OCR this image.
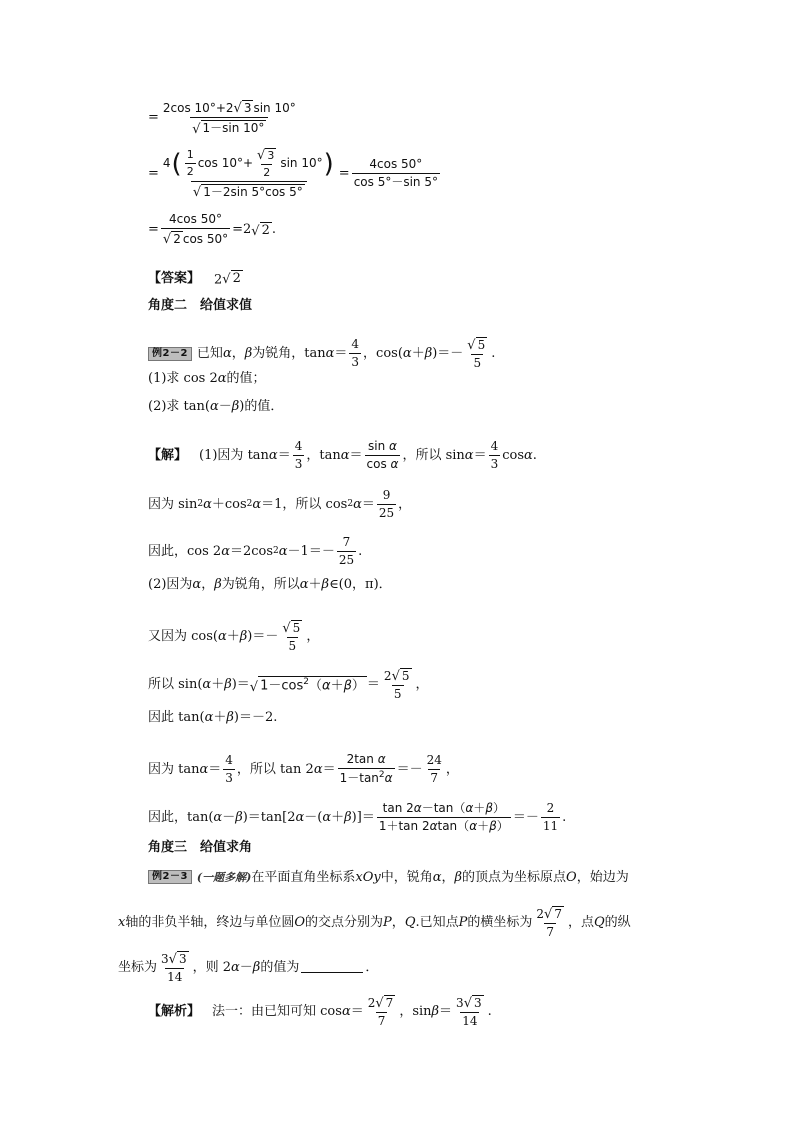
= $\frac{2\cos 10^\circ+2 √ 3 \sin 10^\circ}{√ 1-\sin 10^\circ}$
= $\frac{4 ( \frac{1}{2} \cos 10^\circ+ \frac{√ 3}{2} \sin 10^\circ )}{√ 1-2\sin 5^\circ\cos 5^\circ} = \frac{4\cos 50^\circ}{\cos 5^\circ-\sin 5^\circ}$
= $\frac{4\cos 50^\circ}{√ 2 \cos 50^\circ} =2$ √ 2 .
【答案】 2 √ 2
角度二　给值求值
例2－2 已知 α ， β 为锐角，$\tan \alpha = \frac{4}{3}$ ，cos( α ＋ β )＝－ $\frac{√ 5}{5}$ .
(1)求 cos 2 α 的值；
(2)求 tan( α － β )的值．
【解】 (1)因为 $\tan \alpha = \frac{4}{3}$ ，$\tan \alpha = \frac{\text{sin α}}{\text{cos α}}$ ，所以 $\sin \alpha = \frac{4}{3}$ cos α .
因为 sin 2 α ＋cos 2 α ＝1，所以 cos 2 $\alpha = \frac{9}{25}$ ，
因此，cos 2 α ＝2cos 2 $\alpha -1=- \frac{7}{25}$ .
(2)因为 α ， β 为锐角，所以 α ＋ β ∈(0，π)．
又因为 cos( α ＋ β )＝－ $\frac{√ 5}{5}$ ，
所以 sin( α ＋ β )＝ √ $1-\cos^2(\alpha+\beta) = \frac{2 √ 5}{5}$ ，
因此 tan( α ＋ β )＝－2.
因为 $\tan \alpha = \frac{4}{3}$ ，所以 tan 2 $\alpha = \frac{\text{2tan α}}{1-\tan^2\alpha} =- \frac{24}{7}$ ，
因此，tan( α － β )＝tan[2 α －( α ＋ β )]＝ $\frac{\tan 2\alpha-\tan(\alpha+\beta)}{1+\tan 2\alpha\tan(\alpha+\beta)} =- \frac{2}{11}$ .
角度三　给值求角
例2－3 (一题多解) 在平面直角坐标系 xOy 中，锐角 α ， β 的顶点为坐标原点 O ，始边为
x 轴的非负半轴，终边与单位圆 O 的交点分别为 P ， Q .已知点 P 的横坐标为 $\frac{2 √ 7}{7}$ ，点 Q 的纵
坐标为 $\frac{3 √ 3}{14}$ ，则 2 α － β 的值为	．
【解析】 法一：由已知可知 $\cos \alpha = \frac{2 √ 7}{7}$ ，$\sin \beta = \frac{3 √ 3}{14}$ .
